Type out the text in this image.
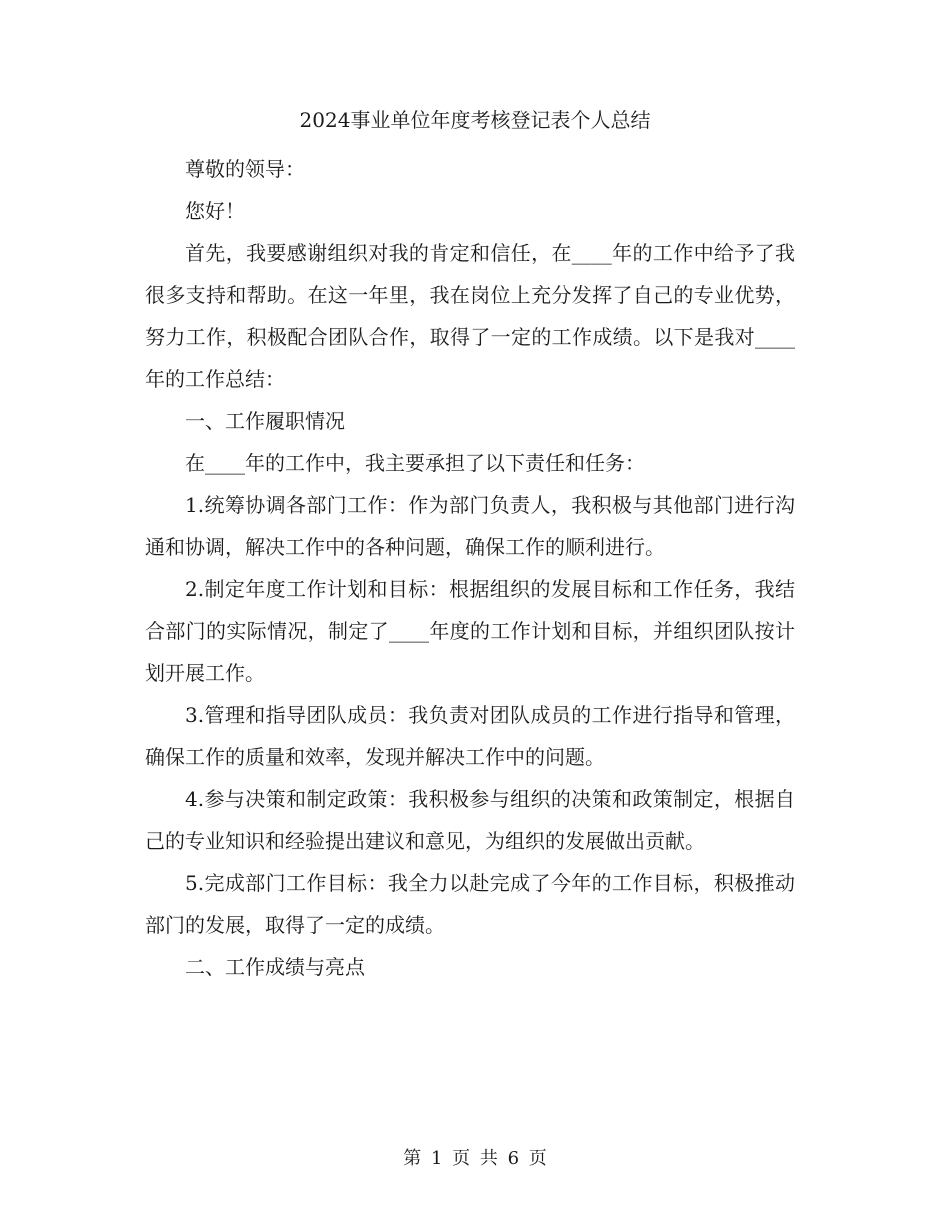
2024事业单位年度考核登记表个人总结

尊敬的领导：

您好！

首先，我要感谢组织对我的肯定和信任，在____年的工作中给予了我很多支持和帮助。在这一年里，我在岗位上充分发挥了自己的专业优势，努力工作，积极配合团队合作，取得了一定的工作成绩。以下是我对____年的工作总结：

一、工作履职情况

在____年的工作中，我主要承担了以下责任和任务：

1.统筹协调各部门工作：作为部门负责人，我积极与其他部门进行沟通和协调，解决工作中的各种问题，确保工作的顺利进行。

2.制定年度工作计划和目标：根据组织的发展目标和工作任务，我结合部门的实际情况，制定了____年度的工作计划和目标，并组织团队按计划开展工作。

3.管理和指导团队成员：我负责对团队成员的工作进行指导和管理，确保工作的质量和效率，发现并解决工作中的问题。

4.参与决策和制定政策：我积极参与组织的决策和政策制定，根据自己的专业知识和经验提出建议和意见，为组织的发展做出贡献。

5.完成部门工作目标：我全力以赴完成了今年的工作目标，积极推动部门的发展，取得了一定的成绩。

二、工作成绩与亮点

第 1 页 共 6 页
